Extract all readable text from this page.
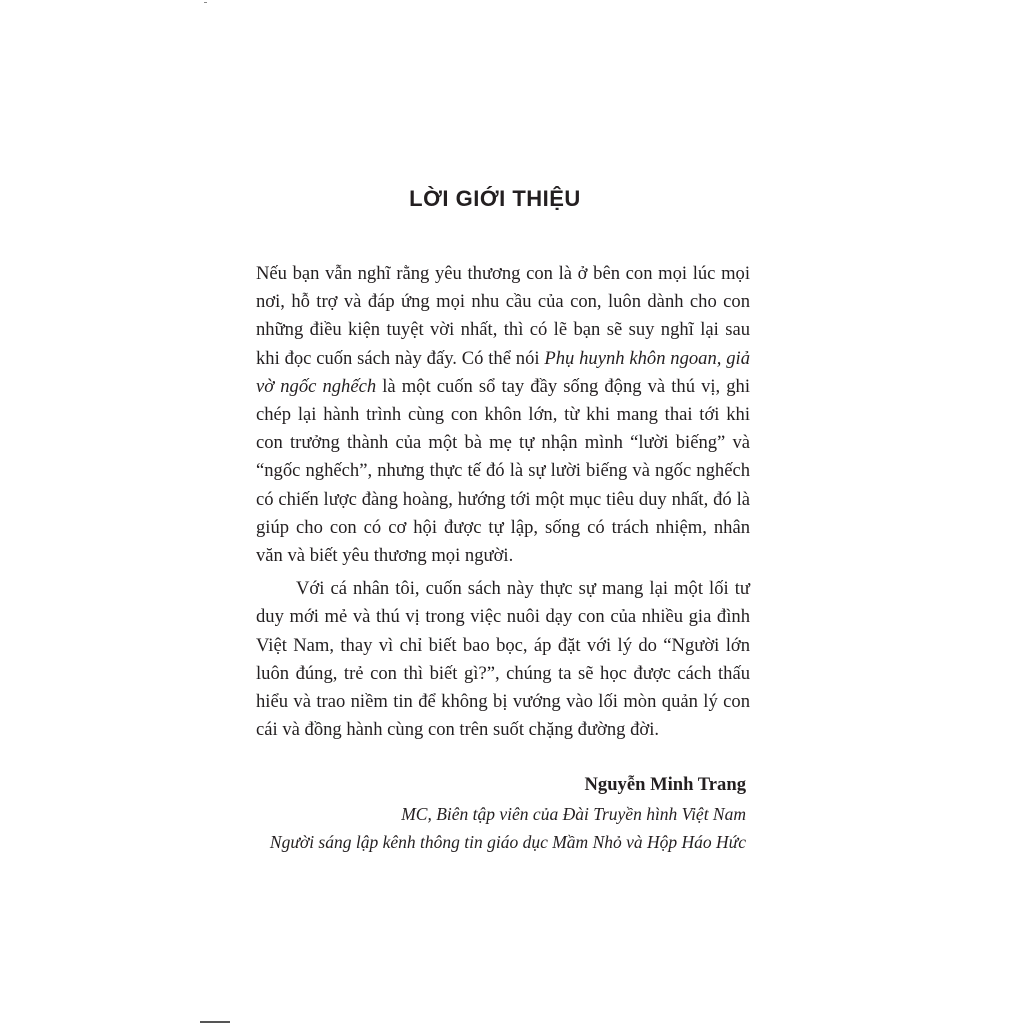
LỜI GIỚI THIỆU

Nếu bạn vẫn nghĩ rằng yêu thương con là ở bên con mọi lúc mọi nơi, hỗ trợ và đáp ứng mọi nhu cầu của con, luôn dành cho con những điều kiện tuyệt vời nhất, thì có lẽ bạn sẽ suy nghĩ lại sau khi đọc cuốn sách này đấy. Có thể nói Phụ huynh khôn ngoan, giả vờ ngốc nghếch là một cuốn sổ tay đầy sống động và thú vị, ghi chép lại hành trình cùng con khôn lớn, từ khi mang thai tới khi con trưởng thành của một bà mẹ tự nhận mình “lười biếng” và “ngốc nghếch”, nhưng thực tế đó là sự lười biếng và ngốc nghếch có chiến lược đàng hoàng, hướng tới một mục tiêu duy nhất, đó là giúp cho con có cơ hội được tự lập, sống có trách nhiệm, nhân văn và biết yêu thương mọi người.

Với cá nhân tôi, cuốn sách này thực sự mang lại một lối tư duy mới mẻ và thú vị trong việc nuôi dạy con của nhiều gia đình Việt Nam, thay vì chỉ biết bao bọc, áp đặt với lý do “Người lớn luôn đúng, trẻ con thì biết gì?”, chúng ta sẽ học được cách thấu hiểu và trao niềm tin để không bị vướng vào lối mòn quản lý con cái và đồng hành cùng con trên suốt chặng đường đời.

Nguyễn Minh Trang

MC, Biên tập viên của Đài Truyền hình Việt Nam

Người sáng lập kênh thông tin giáo dục Mầm Nhỏ và Hộp Háo Hức
